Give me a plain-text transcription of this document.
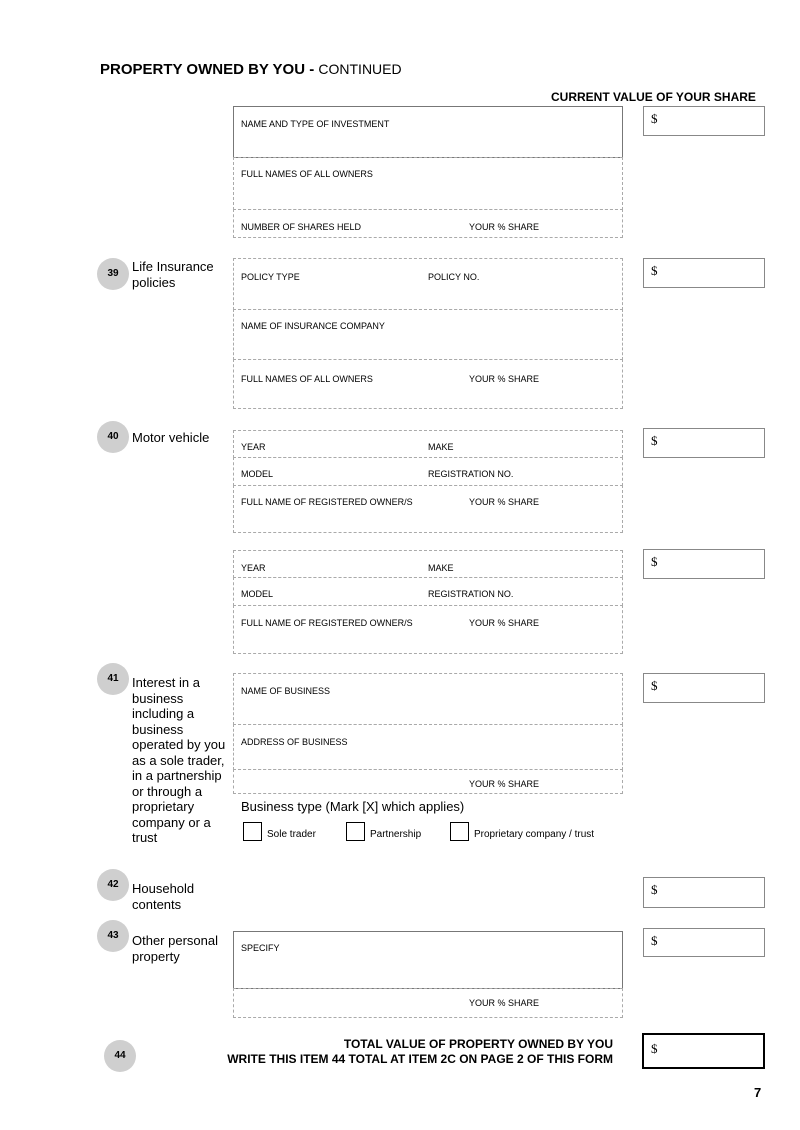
PROPERTY OWNED BY YOU - CONTINUED
CURRENT VALUE OF YOUR SHARE
NAME AND TYPE OF INVESTMENT
FULL NAMES OF ALL OWNERS
NUMBER OF SHARES HELD	YOUR % SHARE
$
39	Life Insurance policies	POLICY TYPE	POLICY NO.
NAME OF INSURANCE COMPANY
FULL NAMES OF ALL OWNERS	YOUR % SHARE
$
40	Motor vehicle
YEAR	MAKE
MODEL	REGISTRATION NO.
FULL NAME OF REGISTERED OWNER/S	YOUR % SHARE
$
YEAR	MAKE
MODEL	REGISTRATION NO.
FULL NAME OF REGISTERED OWNER/S	YOUR % SHARE
$
41	Interest in a business including a business operated by you as a sole trader, in a partnership or through a proprietary company or a trust
NAME OF BUSINESS
ADDRESS OF BUSINESS
YOUR % SHARE
$
Business type (Mark [X] which applies)
Sole trader	Partnership	Proprietary company / trust
42	Household contents
$
43	Other personal property
SPECIFY
YOUR % SHARE
$
44
TOTAL VALUE OF PROPERTY OWNED BY YOU
WRITE THIS ITEM 44 TOTAL AT ITEM 2C ON PAGE 2 OF THIS FORM
$
7
